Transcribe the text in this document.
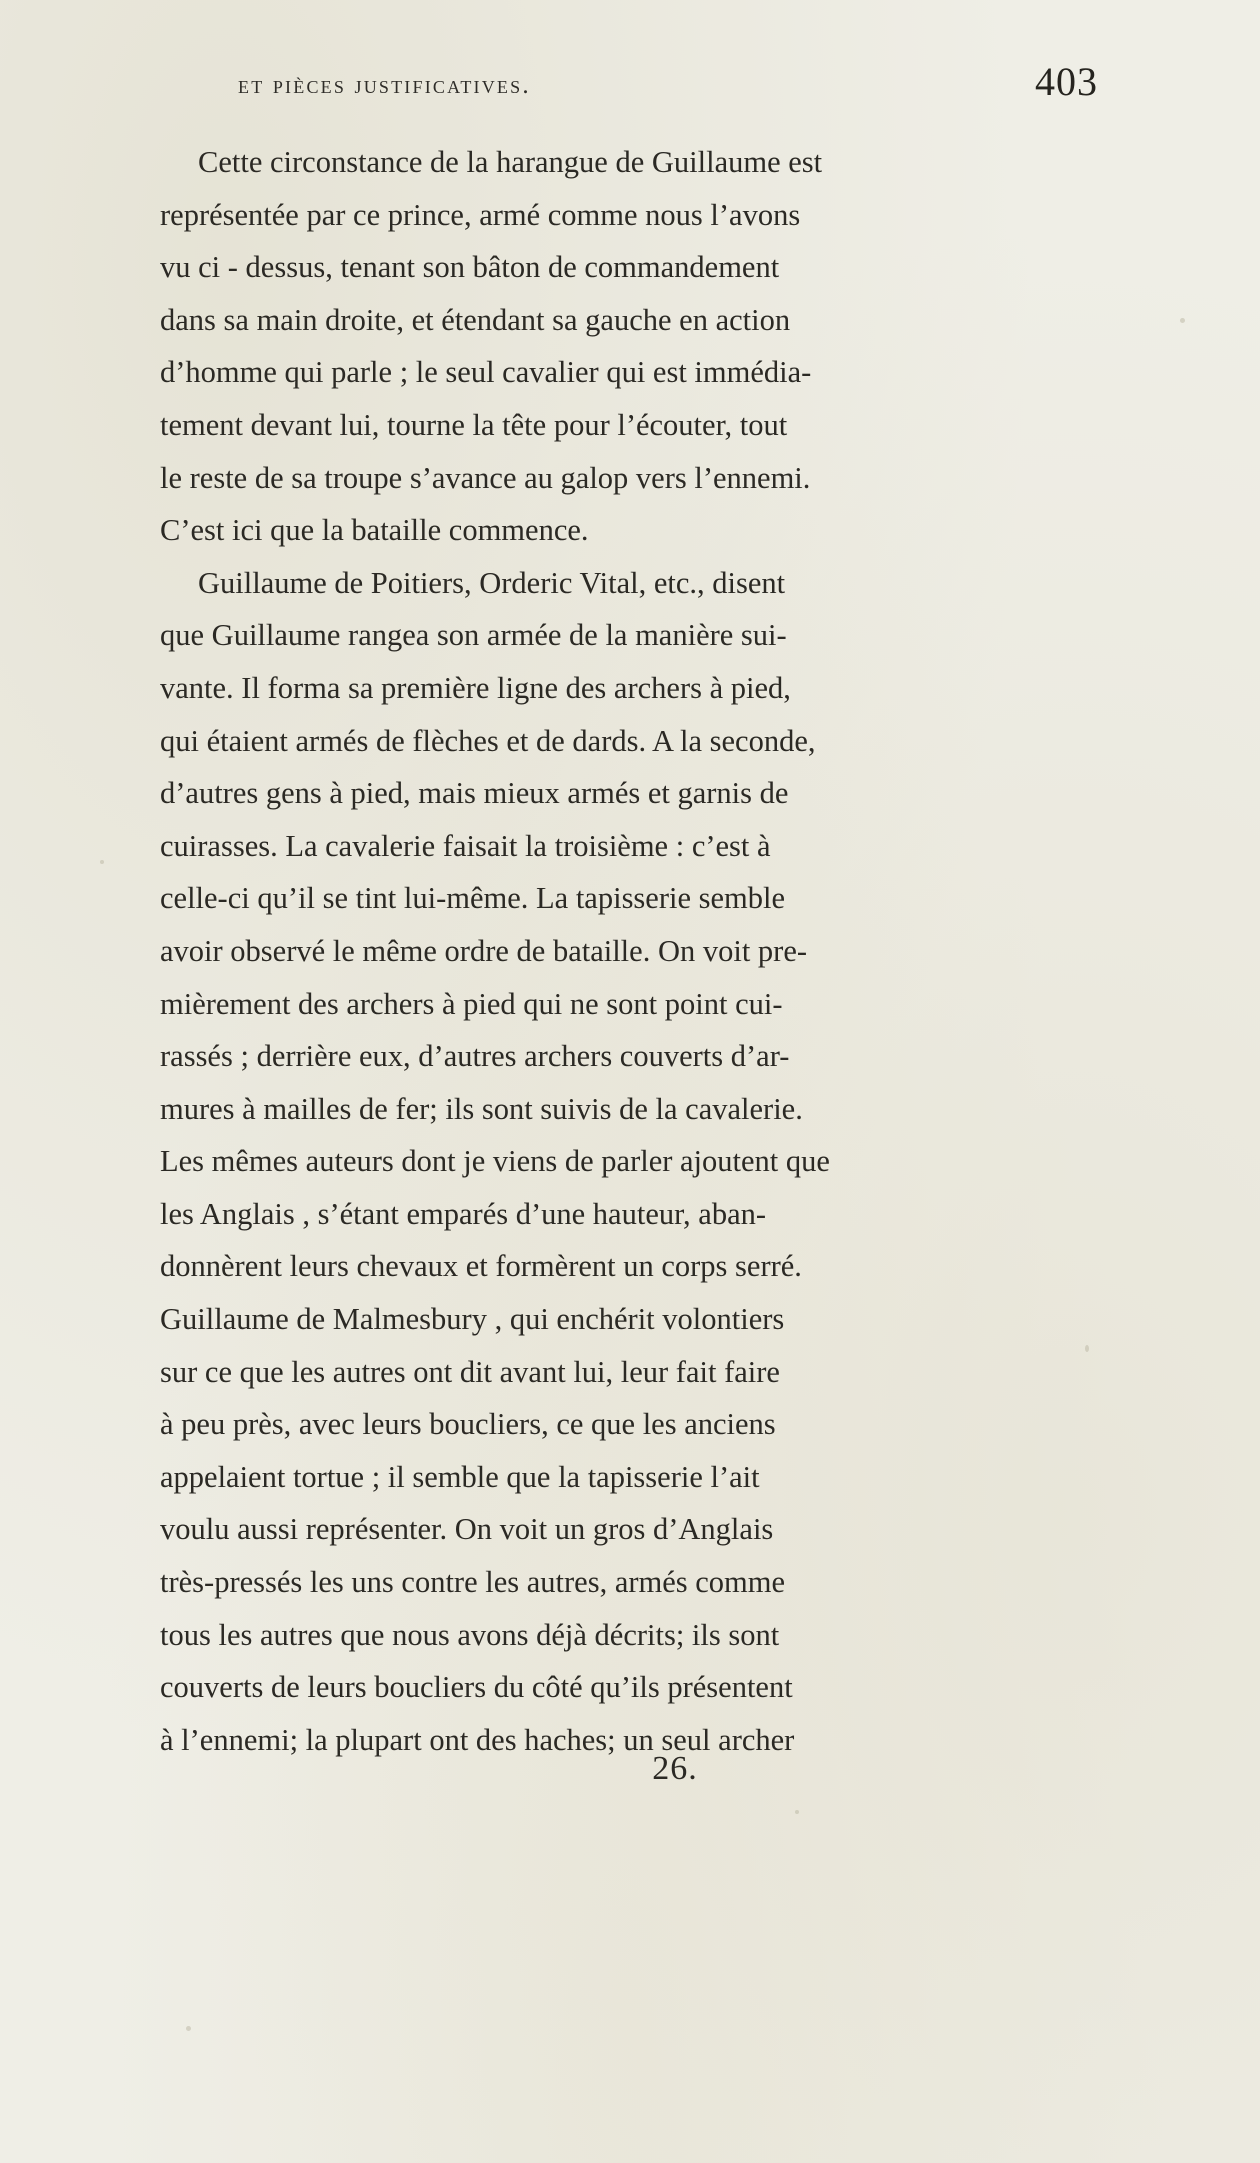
et pièces justificatives.	403

Cette circonstance de la harangue de Guillaume est
représentée par ce prince, armé comme nous l’avons
vu ci - dessus, tenant son bâton de commandement
dans sa main droite, et étendant sa gauche en action
d’homme qui parle ; le seul cavalier qui est immédia-
tement devant lui, tourne la tête pour l’écouter, tout
le reste de sa troupe s’avance au galop vers l’ennemi.
C’est ici que la bataille commence.

Guillaume de Poitiers, Orderic Vital, etc., disent
que Guillaume rangea son armée de la manière sui-
vante. Il forma sa première ligne des archers à pied,
qui étaient armés de flèches et de dards. A la seconde,
d’autres gens à pied, mais mieux armés et garnis de
cuirasses. La cavalerie faisait la troisième : c’est à
celle-ci qu’il se tint lui-même. La tapisserie semble
avoir observé le même ordre de bataille. On voit pre-
mièrement des archers à pied qui ne sont point cui-
rassés ; derrière eux, d’autres archers couverts d’ar-
mures à mailles de fer; ils sont suivis de la cavalerie.
Les mêmes auteurs dont je viens de parler ajoutent que
les Anglais , s’étant emparés d’une hauteur, aban-
donnèrent leurs chevaux et formèrent un corps serré.
Guillaume de Malmesbury , qui enchérit volontiers
sur ce que les autres ont dit avant lui, leur fait faire
à peu près, avec leurs boucliers, ce que les anciens
appelaient tortue ; il semble que la tapisserie l’ait
voulu aussi représenter. On voit un gros d’Anglais
très-pressés les uns contre les autres, armés comme
tous les autres que nous avons déjà décrits; ils sont
couverts de leurs boucliers du côté qu’ils présentent
à l’ennemi; la plupart ont des haches; un seul archer

26.
